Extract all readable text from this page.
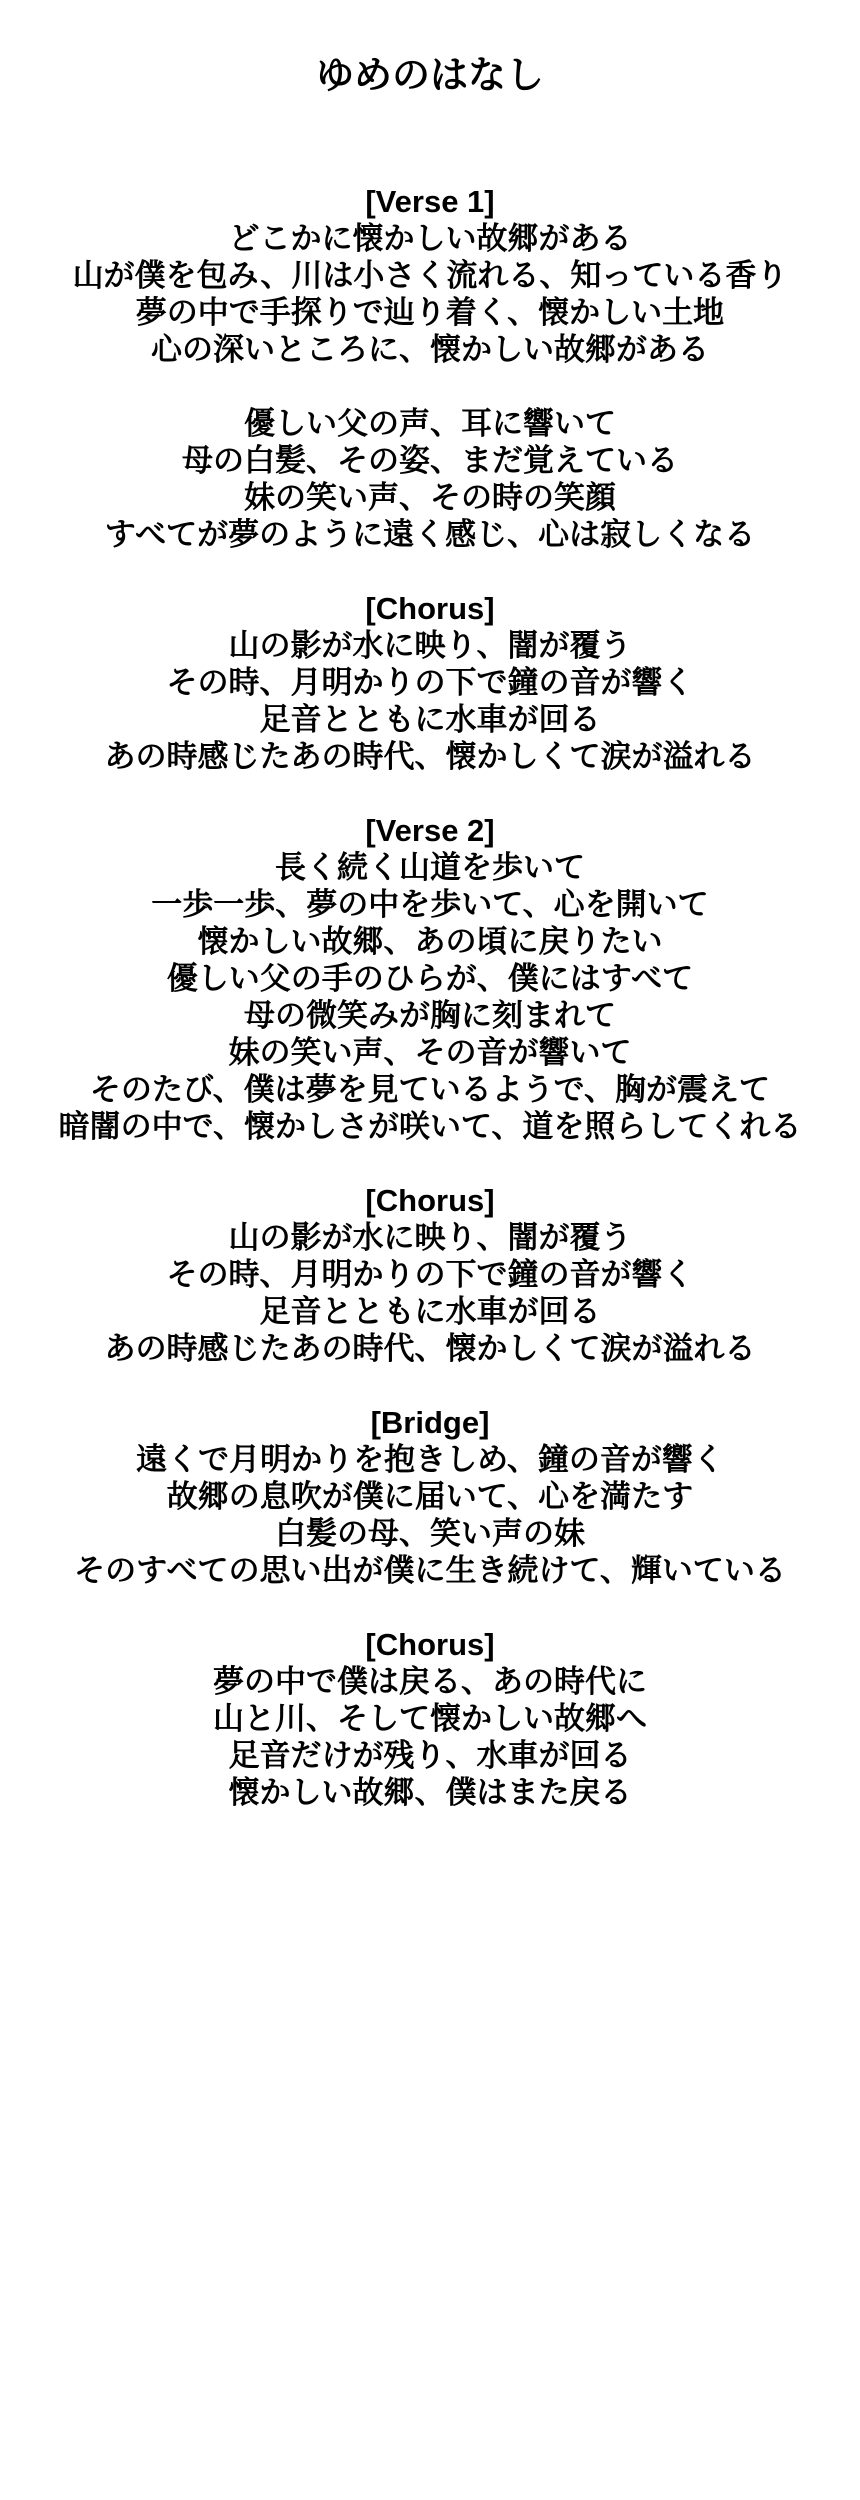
ゆめのはなし

[Verse 1]

どこかに懐かしい故郷がある

山が僕を包み、川は小さく流れる、知っている香り

夢の中で手探りで辿り着く、懐かしい土地

心の深いところに、懐かしい故郷がある

優しい父の声、耳に響いて

母の白髪、その姿、まだ覚えている

妹の笑い声、その時の笑顔

すべてが夢のように遠く感じ、心は寂しくなる

[Chorus]

山の影が水に映り、闇が覆う

その時、月明かりの下で鐘の音が響く

足音とともに水車が回る

あの時感じたあの時代、懐かしくて涙が溢れる

[Verse 2]

長く続く山道を歩いて

一歩一歩、夢の中を歩いて、心を開いて

懐かしい故郷、あの頃に戻りたい

優しい父の手のひらが、僕にはすべて

母の微笑みが胸に刻まれて

妹の笑い声、その音が響いて

そのたび、僕は夢を見ているようで、胸が震えて

暗闇の中で、懐かしさが咲いて、道を照らしてくれる

[Chorus]

山の影が水に映り、闇が覆う

その時、月明かりの下で鐘の音が響く

足音とともに水車が回る

あの時感じたあの時代、懐かしくて涙が溢れる

[Bridge]

遠くで月明かりを抱きしめ、鐘の音が響く

故郷の息吹が僕に届いて、心を満たす

白髪の母、笑い声の妹

そのすべての思い出が僕に生き続けて、輝いている

[Chorus]

夢の中で僕は戻る、あの時代に

山と川、そして懐かしい故郷へ

足音だけが残り、水車が回る

懐かしい故郷、僕はまた戻る
